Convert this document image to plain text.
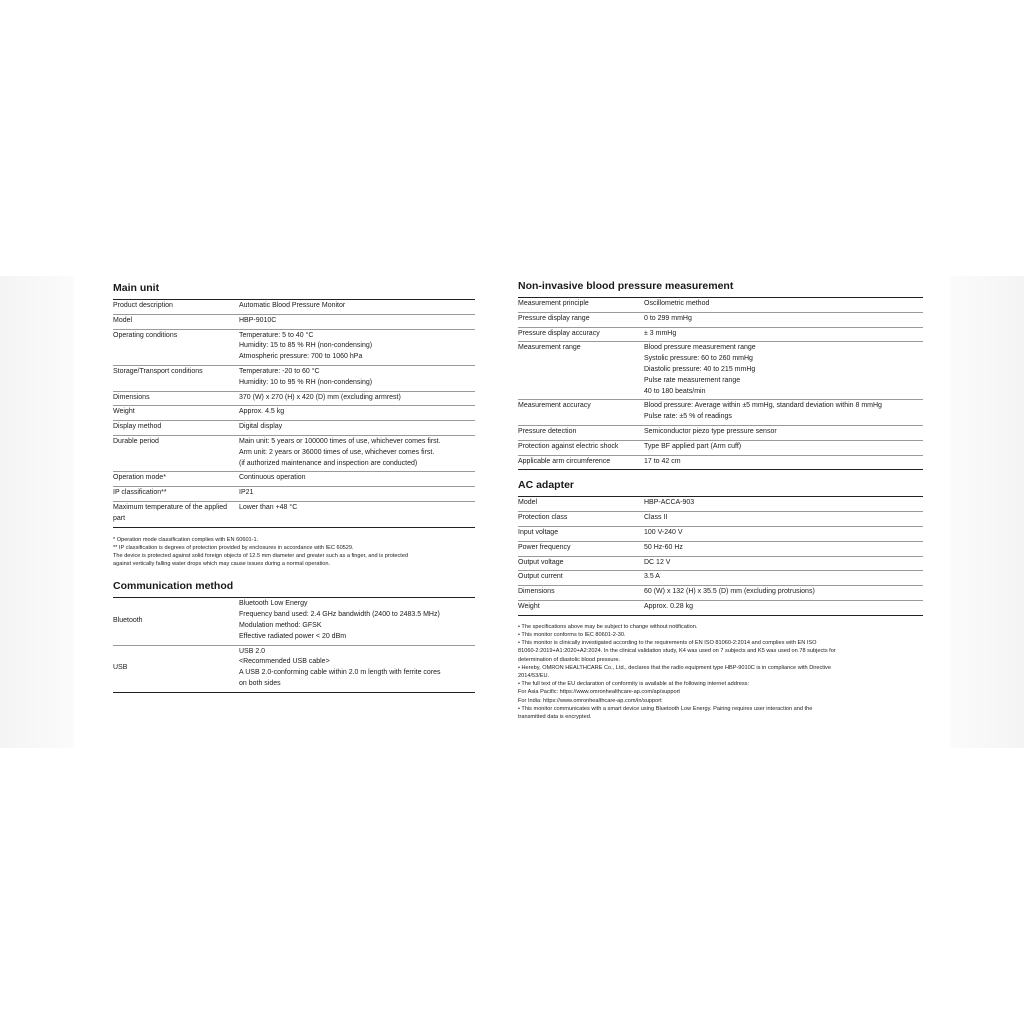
Main unit
Product description	Automatic Blood Pressure Monitor

Model	HBP-9010C

Operating conditions	Temperature: 5 to 40 °C
Humidity: 15 to 85 % RH (non-condensing)
Atmospheric pressure: 700 to 1060 hPa

Storage/Transport conditions	Temperature: -20 to 60 °C
Humidity: 10 to 95 % RH (non-condensing)

Dimensions	370 (W) x 270 (H) x 420 (D) mm (excluding armrest)

Weight	Approx. 4.5 kg

Display method	Digital display

Durable period	Main unit: 5 years or 100000 times of use, whichever comes first.
Arm unit: 2 years or 36000 times of use, whichever comes first.
(if authorized maintenance and inspection are conducted)

Operation mode*	Continuous operation

IP classification**	IP21

Maximum temperature of the applied part	Lower than +48 °C
* Operation mode classification complies with EN 60601-1.
** IP classification is degrees of protection provided by enclosures in accordance with IEC 60529.
The device is protected against solid foreign objects of 12.5 mm diameter and greater such as a finger, and is protected
against vertically falling water drops which may cause issues during a normal operation.
Communication method
Bluetooth	Bluetooth Low Energy
Frequency band used: 2.4 GHz bandwidth (2400 to 2483.5 MHz)
Modulation method: GFSK
Effective radiated power < 20 dBm

USB	USB 2.0
<Recommended USB cable>
A USB 2.0-conforming cable within 2.0 m length with ferrite cores
on both sides
Non-invasive blood pressure measurement
Measurement principle	Oscillometric method

Pressure display range	0 to 299 mmHg

Pressure display accuracy	± 3 mmHg

Measurement range	Blood pressure measurement range
Systolic pressure: 60 to 260 mmHg
Diastolic pressure: 40 to 215 mmHg
Pulse rate measurement range
40 to 180 beats/min

Measurement accuracy	Blood pressure: Average within ±5 mmHg, standard deviation within 8 mmHg
Pulse rate: ±5 % of readings

Pressure detection	Semiconductor piezo type pressure sensor

Protection against electric shock	Type BF applied part (Arm cuff)

Applicable arm circumference	17 to 42 cm
AC adapter
Model	HBP-ACCA-903

Protection class	Class II

Input voltage	100 V-240 V

Power frequency	50 Hz-60 Hz

Output voltage	DC 12 V

Output current	3.5 A

Dimensions	60 (W) x 132 (H) x 35.5 (D) mm (excluding protrusions)

Weight	Approx. 0.28 kg
• The specifications above may be subject to change without notification.
• This monitor conforms to IEC 80601-2-30.
• This monitor is clinically investigated according to the requirements of EN ISO 81060-2:2014 and complies with EN ISO
81060-2:2019+A1:2020+A2:2024. In the clinical validation study, K4 was used on 7 subjects and K5 was used on 78 subjects for
determination of diastolic blood pressure.
• Hereby, OMRON HEALTHCARE Co., Ltd., declares that the radio equipment type HBP-9010C is in compliance with Directive
2014/53/EU.
• The full text of the EU declaration of conformity is available at the following internet address:
For Asia Pacific: https://www.omronhealthcare-ap.com/ap/support
For India: https://www.omronhealthcare-ap.com/in/support
• This monitor communicates with a smart device using Bluetooth Low Energy. Pairing requires user interaction and the
transmitted data is encrypted.
